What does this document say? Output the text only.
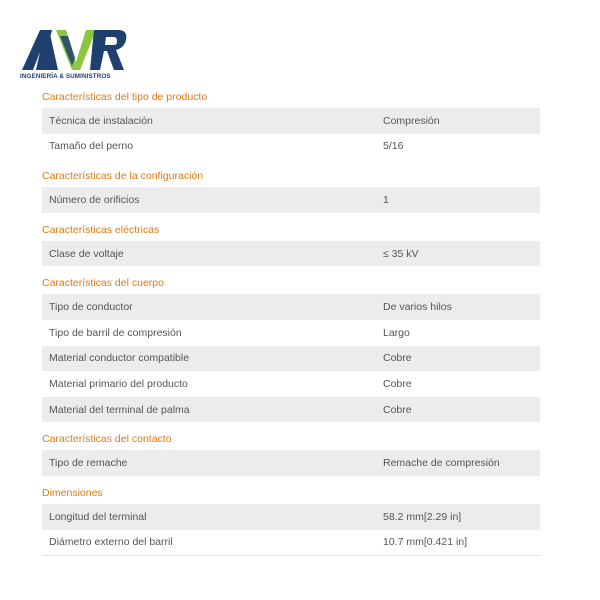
INGENIERÍA & SUMINISTROS
Características del tipo de producto
Técnica de instalación	Compresión
Tamaño del perno	5/16
Características de la configuración
Número de orificios	1
Características eléctricas
Clase de voltaje	≤ 35 kV
Características del cuerpo
Tipo de conductor	De varios hilos
Tipo de barril de compresión	Largo
Material conductor compatible	Cobre
Material primario del producto	Cobre
Material del terminal de palma	Cobre
Características del contacto
Tipo de remache	Remache de compresión
Dimensiones
Longitud del terminal	58.2 mm[2.29 in]
Diámetro externo del barril	10.7 mm[0.421 in]
